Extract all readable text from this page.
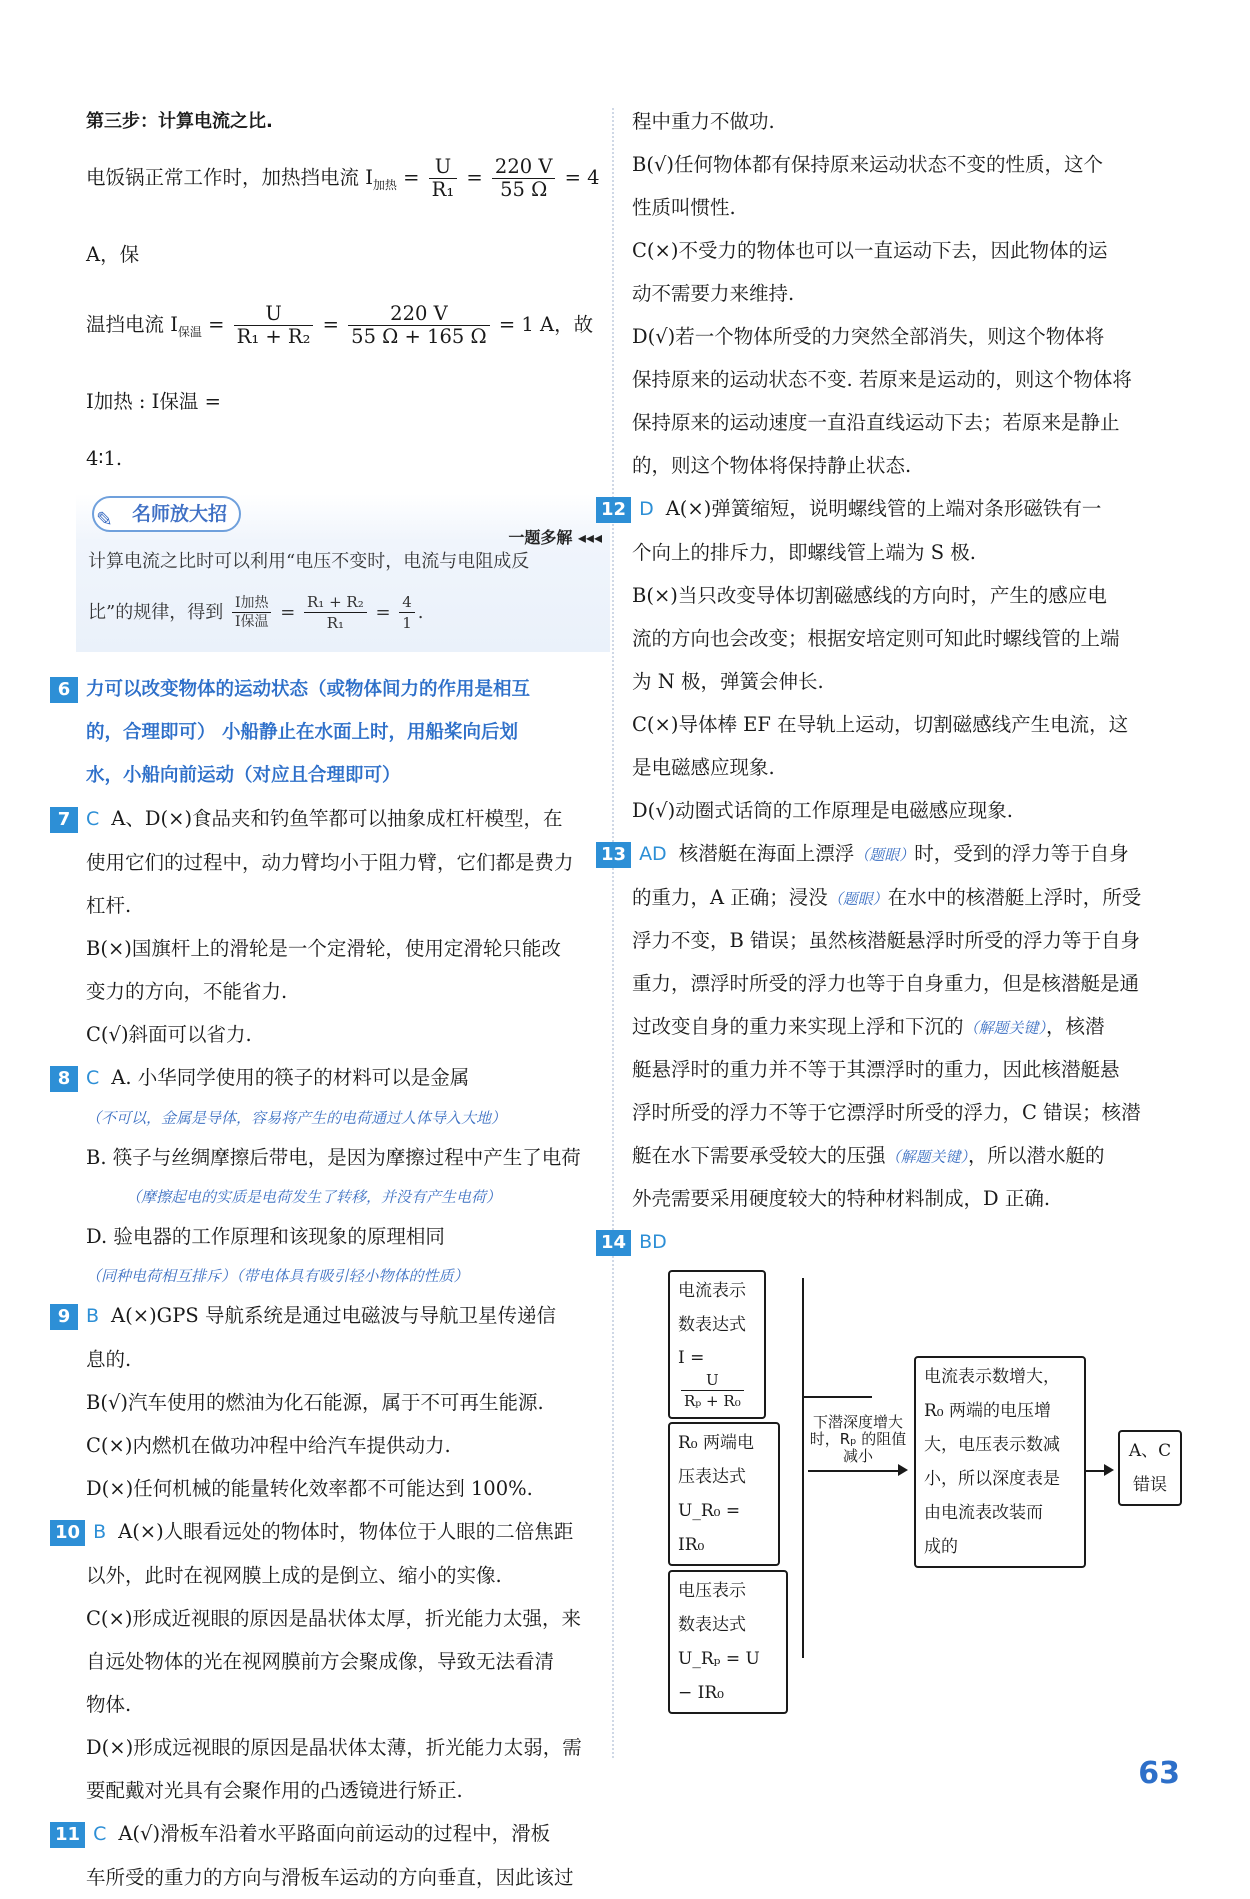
第三步：计算电流之比.

电饭锅正常工作时，加热挡电流 $I_{加热} = \frac{U}{\text{R₁}} = \frac{220 V}{55 \Omega} = 4$ A，保

温挡电流 $I_{保温} = \frac{U}{\text{R₁ + R₂}} = \frac{220 V}{55 \Omega + 165 \Omega} = 1$ A，故 I加热 : I保温 =

4∶1.

名师放大招
✎
一题多解 ◂◂◂
计算电流之比时可以利用“电压不变时，电流与电阻成反
比”的规律，得到 $\frac{\text{I加热}}{\text{I保温}} = \frac{\text{R₁ + R₂}}{\text{R₁}} = \frac{4}{1}$ .

6 力可以改变物体的运动状态（或物体间力的作用是相互

的，合理即可） 小船静止在水面上时，用船桨向后划

水，小船向前运动（对应且合理即可）

7 C A、D(×)食品夹和钓鱼竿都可以抽象成杠杆模型，在

使用它们的过程中，动力臂均小于阻力臂，它们都是费力

杠杆.

B(×)国旗杆上的滑轮是一个定滑轮，使用定滑轮只能改

变力的方向，不能省力.

C(√)斜面可以省力.

8 C A. 小华同学使用的筷子的材料可以是金属

（不可以，金属是导体，容易将产生的电荷通过人体导入大地）

B. 筷子与丝绸摩擦后带电，是因为摩擦过程中产生了电荷

（摩擦起电的实质是电荷发生了转移，并没有产生电荷）

D. 验电器的工作原理和该现象的原理相同

（同种电荷相互排斥）（带电体具有吸引轻小物体的性质）

9 B A(×)GPS 导航系统是通过电磁波与导航卫星传递信

息的.

B(√)汽车使用的燃油为化石能源，属于不可再生能源.

C(×)内燃机在做功冲程中给汽车提供动力.

D(×)任何机械的能量转化效率都不可能达到 100%.

10 B A(×)人眼看远处的物体时，物体位于人眼的二倍焦距

以外，此时在视网膜上成的是倒立、缩小的实像.

C(×)形成近视眼的原因是晶状体太厚，折光能力太强，来

自远处物体的光在视网膜前方会聚成像，导致无法看清

物体.

D(×)形成远视眼的原因是晶状体太薄，折光能力太弱，需

要配戴对光具有会聚作用的凸透镜进行矫正.

11 C A(√)滑板车沿着水平路面向前运动的过程中，滑板

车所受的重力的方向与滑板车运动的方向垂直，因此该过

程中重力不做功.

B(√)任何物体都有保持原来运动状态不变的性质，这个

性质叫惯性.

C(×)不受力的物体也可以一直运动下去，因此物体的运

动不需要力来维持.

D(√)若一个物体所受的力突然全部消失，则这个物体将

保持原来的运动状态不变. 若原来是运动的，则这个物体将

保持原来的运动速度一直沿直线运动下去；若原来是静止

的，则这个物体将保持静止状态.

12 D A(×)弹簧缩短，说明螺线管的上端对条形磁铁有一

个向上的排斥力，即螺线管上端为 S 极.

B(×)当只改变导体切割磁感线的方向时，产生的感应电

流的方向也会改变；根据安培定则可知此时螺线管的上端

为 N 极，弹簧会伸长.

C(×)导体棒 EF 在导轨上运动，切割磁感线产生电流，这

是电磁感应现象.

D(√)动圈式话筒的工作原理是电磁感应现象.

13 AD 核潜艇在海面上漂浮（题眼）时，受到的浮力等于自身

的重力，A 正确；浸没（题眼）在水中的核潜艇上浮时，所受

浮力不变，B 错误；虽然核潜艇悬浮时所受的浮力等于自身

重力，漂浮时所受的浮力也等于自身重力，但是核潜艇是通

过改变自身的重力来实现上浮和下沉的（解题关键），核潜

艇悬浮时的重力并不等于其漂浮时的重力，因此核潜艇悬

浮时所受的浮力不等于它漂浮时所受的浮力，C 错误；核潜

艇在水下需要承受较大的压强（解题关键），所以潜水艇的

外壳需要采用硬度较大的特种材料制成，D 正确.

14 BD

电流表示
数表达式
I =
$\frac{U}{\text{Rₚ + R₀}}$
R₀ 两端电
压表达式
U_R₀ = IR₀
电压表示
数表达式
U_Rₚ = U − IR₀
下潜深度增大时，Rₚ 的阻值减小
电流表示数增大，
R₀ 两端的电压增
大，电压表示数减
小，所以深度表是
由电流表改装而
成的
A、C
错误
63
